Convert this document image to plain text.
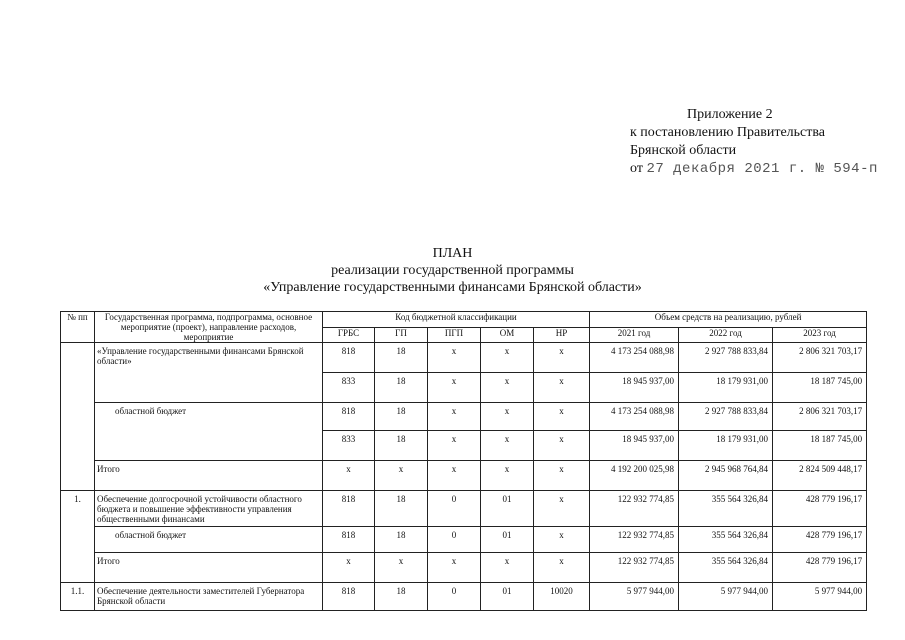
Приложение 2
к постановлению Правительства
Брянской области
от 27 декабря 2021 г. № 594-п
ПЛАН
реализации государственной программы
«Управление государственными финансами Брянской области»
№ пп	Государственная программа, подпрограмма, основное мероприятие (проект), направление расходов, мероприятие	Код бюджетной классификации					Объем средств на реализацию, рублей		
		ГРБС	ГП	ПГП	ОМ	НР	2021 год	2022 год	2023 год
	«Управление государственными финансами Брянской области»	818	18	х	х	х	4 173 254 088,98	2 927 788 833,84	2 806 321 703,17
		833	18	х	х	х	18 945 937,00	18 179 931,00	18 187 745,00
	областной бюджет	818	18	х	х	х	4 173 254 088,98	2 927 788 833,84	2 806 321 703,17
		833	18	х	х	х	18 945 937,00	18 179 931,00	18 187 745,00
	Итого	х	х	х	х	х	4 192 200 025,98	2 945 968 764,84	2 824 509 448,17
1.	Обеспечение долгосрочной устойчивости областного бюджета и повышение эффективности управления общественными финансами	818	18	0	01	х	122 932 774,85	355 564 326,84	428 779 196,17
	областной бюджет	818	18	0	01	х	122 932 774,85	355 564 326,84	428 779 196,17
	Итого	х	х	х	х	х	122 932 774,85	355 564 326,84	428 779 196,17
1.1.	Обеспечение деятельности заместителей Губернатора Брянской области	818	18	0	01	10020	5 977 944,00	5 977 944,00	5 977 944,00
